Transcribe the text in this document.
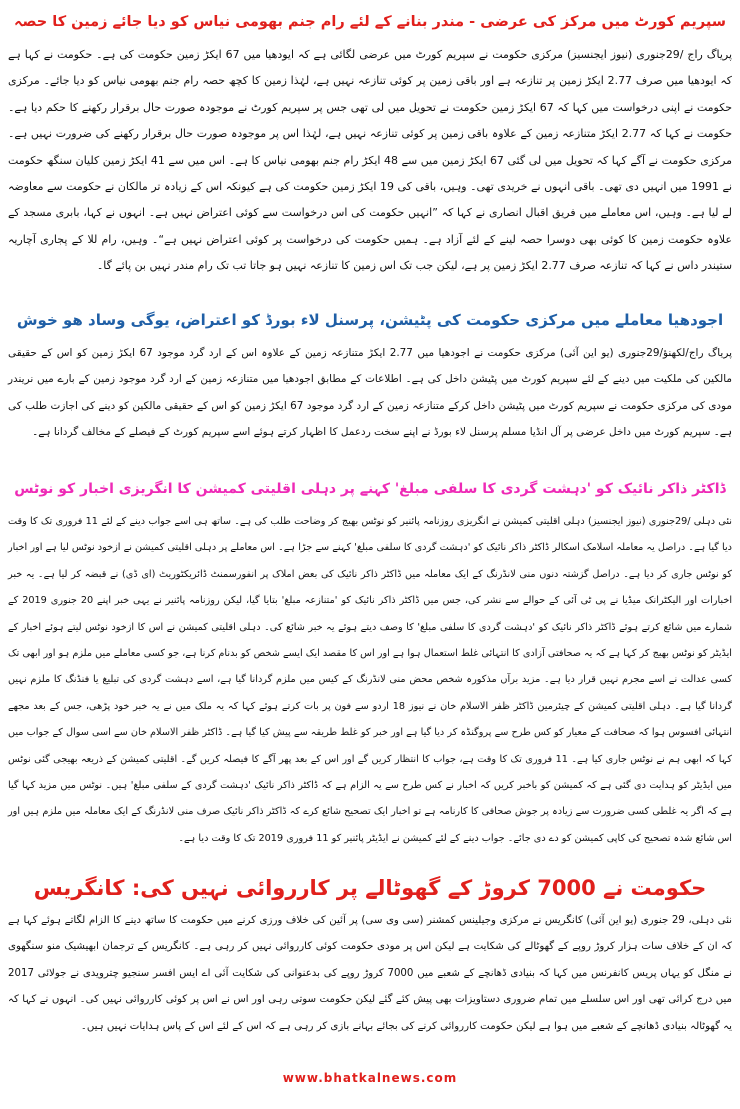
سپریم کورٹ میں مرکز کی عرضی - مندر بنانے کے لئے رام جنم بھومی نیاس کو دیا جائے زمین کا حصہ

پریاگ راج /29جنوری (نیوز ایجنسیز) مرکزی حکومت نے سپریم کورٹ میں عرضی لگائی ہے کہ ایودھیا میں 67 ایکڑ زمین حکومت کی ہے۔ حکومت نے کہا ہے کہ ایودھیا میں صرف 2.77 ایکڑ زمین پر تنازعہ ہے اور باقی زمین پر کوئی تنازعہ نہیں ہے، لہٰذا زمین کا کچھ حصہ رام جنم بھومی نیاس کو دیا جائے۔ مرکزی حکومت نے اپنی درخواست میں کہا کہ 67 ایکڑ زمین حکومت نے تحویل میں لی تھی جس پر سپریم کورٹ نے موجودہ صورت حال برقرار رکھنے کا حکم دیا ہے۔ حکومت نے کہا کہ 2.77 ایکڑ متنازعہ زمین کے علاوہ باقی زمین پر کوئی تنازعہ نہیں ہے، لہٰذا اس پر موجودہ صورت حال برقرار رکھنے کی ضرورت نہیں ہے۔ مرکزی حکومت نے آگے کہا کہ تحویل میں لی گئی 67 ایکڑ زمین میں سے 48 ایکڑ رام جنم بھومی نیاس کا ہے۔ اس میں سے 41 ایکڑ زمین کلیان سنگھ حکومت نے 1991 میں انہیں دی تھی۔ باقی انہوں نے خریدی تھی۔ وہیں، باقی کی 19 ایکڑ زمین حکومت کی ہے کیونکہ اس کے زیادہ تر مالکان نے حکومت سے معاوضہ لے لیا ہے۔ وہیں، اس معاملے میں فریق اقبال انصاری نے کہا کہ ”انہیں حکومت کی اس درخواست سے کوئی اعتراض نہیں ہے۔ انہوں نے کہا، بابری مسجد کے علاوہ حکومت زمین کا کوئی بھی دوسرا حصہ لینے کے لئے آزاد ہے۔ ہمیں حکومت کی درخواست پر کوئی اعتراض نہیں ہے“۔ وہیں، رام للا کے پجاری آچاریہ ستیندر داس نے کہا کہ تنازعہ صرف 2.77 ایکڑ زمین پر ہے، لیکن جب تک اس زمین کا تنازعہ نہیں ہو جاتا تب تک رام مندر نہیں بن پائے گا۔

اجودھیا معاملے میں مرکزی حکومت کی پٹیشن، پرسنل لاء بورڈ کو اعتراض، یوگی وساد ھو خوش

پریاگ راج/لکھنؤ/29جنوری (یو این آئی) مرکزی حکومت نے اجودھیا میں 2.77 ایکڑ متنازعہ زمین کے علاوہ اس کے ارد گرد موجود 67 ایکڑ زمین کو اس کے حقیقی مالکین کی ملکیت میں دینے کے لئے سپریم کورٹ میں پٹیشن داخل کی ہے۔ اطلاعات کے مطابق اجودھیا میں متنازعہ زمین کے ارد گرد موجود زمین کے بارے میں نریندر مودی کی مرکزی حکومت نے سپریم کورٹ میں پٹیشن داخل کرکے متنازعہ زمین کے ارد گرد موجود 67 ایکڑ زمین کو اس کے حقیقی مالکین کو دینے کی اجازت طلب کی ہے۔ سپریم کورٹ میں داخل عرضی پر آل انڈیا مسلم پرسنل لاء بورڈ نے اپنے سخت ردعمل کا اظہار کرتے ہوئے اسے سپریم کورٹ کے فیصلے کے مخالف گردانا ہے۔

ڈاکٹر ذاکر نائیک کو 'دہشت گردی کا سلفی مبلغ' کہنے پر دہلی اقلیتی کمیشن کا انگریزی اخبار کو نوٹس

نئی دہلی /29جنوری (نیوز ایجنسیز) دہلی اقلیتی کمیشن نے انگریزی روزنامہ پائنیر کو نوٹس بھیج کر وضاحت طلب کی ہے۔ ساتھ ہی اسے جواب دینے کے لئے 11 فروری تک کا وقت دیا گیا ہے۔ دراصل یہ معاملہ اسلامک اسکالر ڈاکٹر ذاکر نائیک کو 'دہشت گردی کا سلفی مبلغ' کہنے سے جڑا ہے۔ اس معاملے پر دہلی اقلیتی کمیشن نے ازخود نوٹس لیا ہے اور اخبار کو نوٹس جاری کر دیا ہے۔ دراصل گزشتہ دنوں منی لانڈرنگ کے ایک معاملہ میں ڈاکٹر ذاکر نائیک کی بعض املاک پر انفورسمنٹ ڈائریکٹوریٹ (ای ڈی) نے قبضہ کر لیا ہے۔ یہ خبر اخبارات اور الیکٹرانک میڈیا نے پی ٹی آئی کے حوالے سے نشر کی، جس میں ڈاکٹر ذاکر نائیک کو 'متنازعہ مبلغ' بتایا گیا، لیکن روزنامہ پائنیر نے یہی خبر اپنے 20 جنوری 2019 کے شمارے میں شائع کرتے ہوئے ڈاکٹر ذاکر نائیک کو 'دہشت گردی کا سلفی مبلغ' کا وصف دیتے ہوئے یہ خبر شائع کی۔ دہلی اقلیتی کمیشن نے اس کا ازخود نوٹس لیتے ہوئے اخبار کے ایڈیٹر کو نوٹس بھیج کر کہا ہے کہ یہ صحافتی آزادی کا انتہائی غلط استعمال ہوا ہے اور اس کا مقصد ایک ایسے شخص کو بدنام کرنا ہے، جو کسی معاملے میں ملزم ہو اور ابھی تک کسی عدالت نے اسے مجرم نہیں قرار دیا ہے۔ مزید برآں مذکورہ شخص محض منی لانڈرنگ کے کیس میں ملزم گردانا گیا ہے، اسے دہشت گردی کی تبلیغ یا فنڈنگ کا ملزم نہیں گردانا گیا ہے۔ دہلی اقلیتی کمیشن کے چیئرمین ڈاکٹر ظفر الاسلام خان نے نیوز 18 اردو سے فون پر بات کرتے ہوئے کہا کہ یہ ملک میں نے یہ خبر خود پڑھی، جس کے بعد مجھے انتہائی افسوس ہوا کہ صحافت کے معیار کو کس طرح سے پروگنڈہ کر دیا گیا ہے اور خبر کو غلط طریقہ سے پیش کیا گیا ہے۔ ڈاکٹر ظفر الاسلام خان سے اسی سوال کے جواب میں کہا کہ ابھی ہم نے نوٹس جاری کیا ہے۔ 11 فروری تک کا وقت ہے، جواب کا انتظار کریں گے اور اس کے بعد پھر آگے کا فیصلہ کریں گے۔ اقلیتی کمیشن کے ذریعہ بھیجی گئی نوٹس میں ایڈیٹر کو ہدایت دی گئی ہے کہ کمیشن کو باخبر کریں کہ اخبار نے کس طرح سے یہ الزام ہے کہ ڈاکٹر ذاکر نائیک 'دہشت گردی کے سلفی مبلغ' ہیں۔ نوٹس میں مزید کہا گیا ہے کہ اگر یہ غلطی کسی ضرورت سے زیادہ پر جوش صحافی کا کارنامہ ہے تو اخبار ایک تصحیح شائع کرے کہ ڈاکٹر ذاکر نائیک صرف منی لانڈرنگ کے ایک معاملہ میں ملزم ہیں اور اس شائع شدہ تصحیح کی کاپی کمیشن کو دے دی جائے۔ جواب دینے کے لئے کمیشن نے ایڈیٹر پائنیر کو 11 فروری 2019 تک کا وقت دیا ہے۔

حکومت نے 7000 کروڑ کے گھوٹالے پر کارروائی نہیں کی: کانگریس

نئی دہلی، 29 جنوری (یو این آئی) کانگریس نے مرکزی وجیلینس کمشنر (سی وی سی) پر آئین کی خلاف ورزی کرنے میں حکومت کا ساتھ دینے کا الزام لگاتے ہوئے کہا ہے کہ ان کے خلاف سات ہزار کروڑ روپے کے گھوٹالے کی شکایت ہے لیکن اس پر مودی حکومت کوئی کارروائی نہیں کر رہی ہے۔ کانگریس کے ترجمان ابھیشیک منو سنگھوی نے منگل کو یہاں پریس کانفرنس میں کہا کہ بنیادی ڈھانچے کے شعبے میں 7000 کروڑ روپے کی بدعنوانی کی شکایت آئی اے ایس افسر سنجیو چترویدی نے جولائی 2017 میں درج کرائی تھی اور اس سلسلے میں تمام ضروری دستاویزات بھی پیش کئے گئے لیکن حکومت سوتی رہی اور اس نے اس پر کوئی کارروائی نہیں کی۔ انہوں نے کہا کہ یہ گھوٹالہ بنیادی ڈھانچے کے شعبے میں ہوا ہے لیکن حکومت کارروائی کرنے کی بجائے بہانے بازی کر رہی ہے کہ اس کے لئے اس کے پاس ہدایات نہیں ہیں۔

www.bhatkalnews.com
